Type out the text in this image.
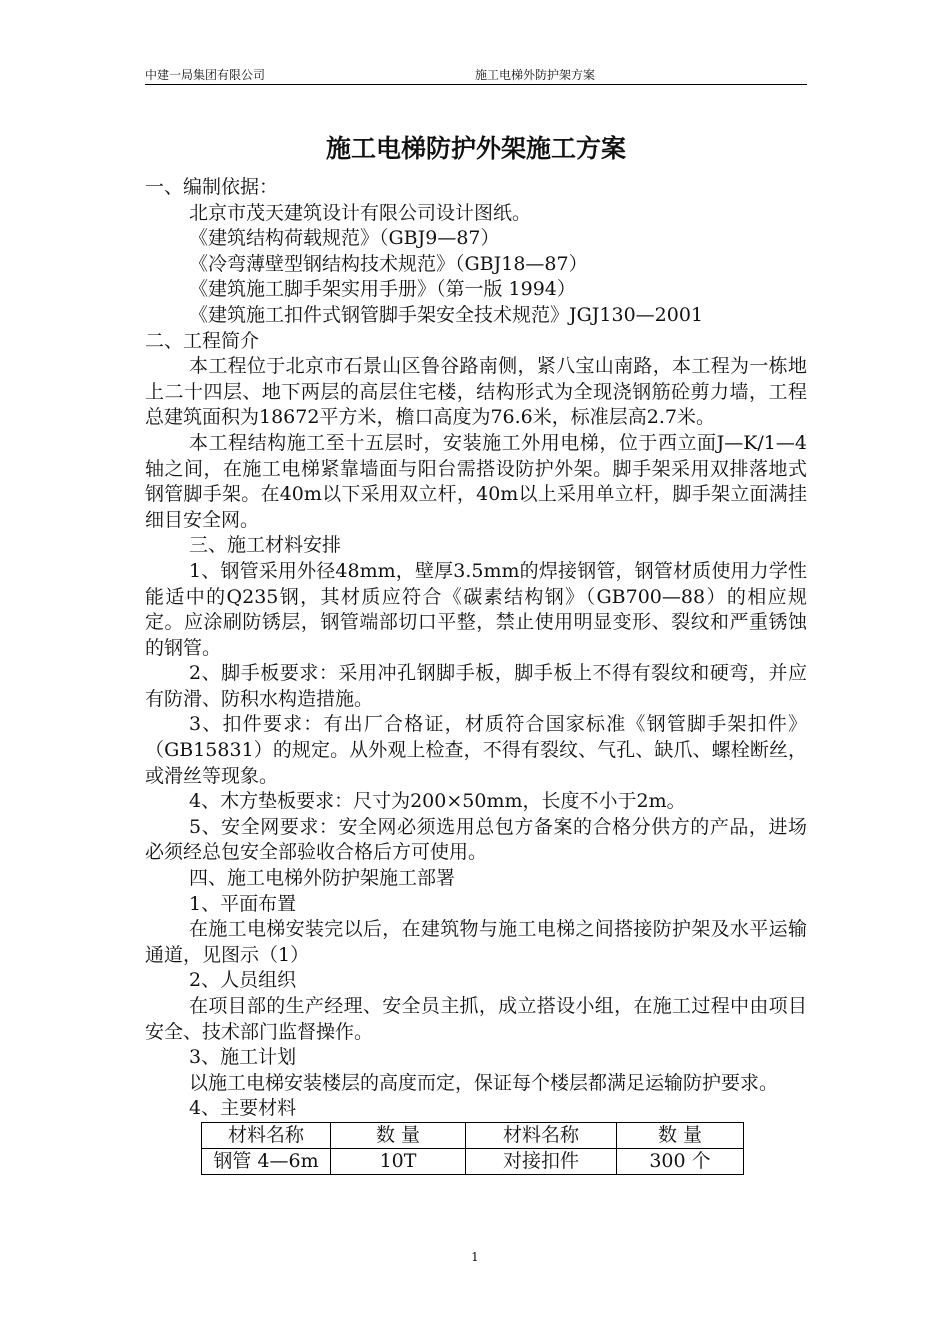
中建一局集团有限公司	施工电梯外防护架方案
施工电梯防护外架施工方案

一、编制依据：

北京市茂天建筑设计有限公司设计图纸。

《建筑结构荷载规范》（GBJ9—87）

《冷弯薄壁型钢结构技术规范》（GBJ18—87）

《建筑施工脚手架实用手册》（第一版 1994）

《建筑施工扣件式钢管脚手架安全技术规范》JGJ130—2001

二、工程简介

本工程位于北京市石景山区鲁谷路南侧，紧八宝山南路，本工程为一栋地上二十四层、地下两层的高层住宅楼，结构形式为全现浇钢筋砼剪力墙，工程总建筑面积为18672平方米，檐口高度为76.6米，标准层高2.7米。

本工程结构施工至十五层时，安装施工外用电梯，位于西立面J—K/1—4轴之间，在施工电梯紧靠墙面与阳台需搭设防护外架。脚手架采用双排落地式钢管脚手架。在40m以下采用双立杆，40m以上采用单立杆，脚手架立面满挂细目安全网。

三、施工材料安排

1、钢管采用外径48mm，壁厚3.5mm的焊接钢管，钢管材质使用力学性能适中的Q235钢，其材质应符合《碳素结构钢》（GB700—88）的相应规定。应涂刷防锈层，钢管端部切口平整，禁止使用明显变形、裂纹和严重锈蚀的钢管。

2、脚手板要求：采用冲孔钢脚手板，脚手板上不得有裂纹和硬弯，并应有防滑、防积水构造措施。

3、扣件要求：有出厂合格证，材质符合国家标准《钢管脚手架扣件》（GB15831）的规定。从外观上检查，不得有裂纹、气孔、缺爪、螺栓断丝，或滑丝等现象。

4、木方垫板要求：尺寸为200×50mm，长度不小于2m。

5、安全网要求：安全网必须选用总包方备案的合格分供方的产品，进场必须经总包安全部验收合格后方可使用。

四、施工电梯外防护架施工部署

1、平面布置

在施工电梯安装完以后，在建筑物与施工电梯之间搭接防护架及水平运输通道，见图示（1）

2、人员组织

在项目部的生产经理、安全员主抓，成立搭设小组，在施工过程中由项目安全、技术部门监督操作。

3、施工计划

以施工电梯安装楼层的高度而定，保证每个楼层都满足运输防护要求。

4、主要材料

材料名称	数 量	材料名称	数 量
钢管 4—6m	10T	对接扣件	300 个
1
